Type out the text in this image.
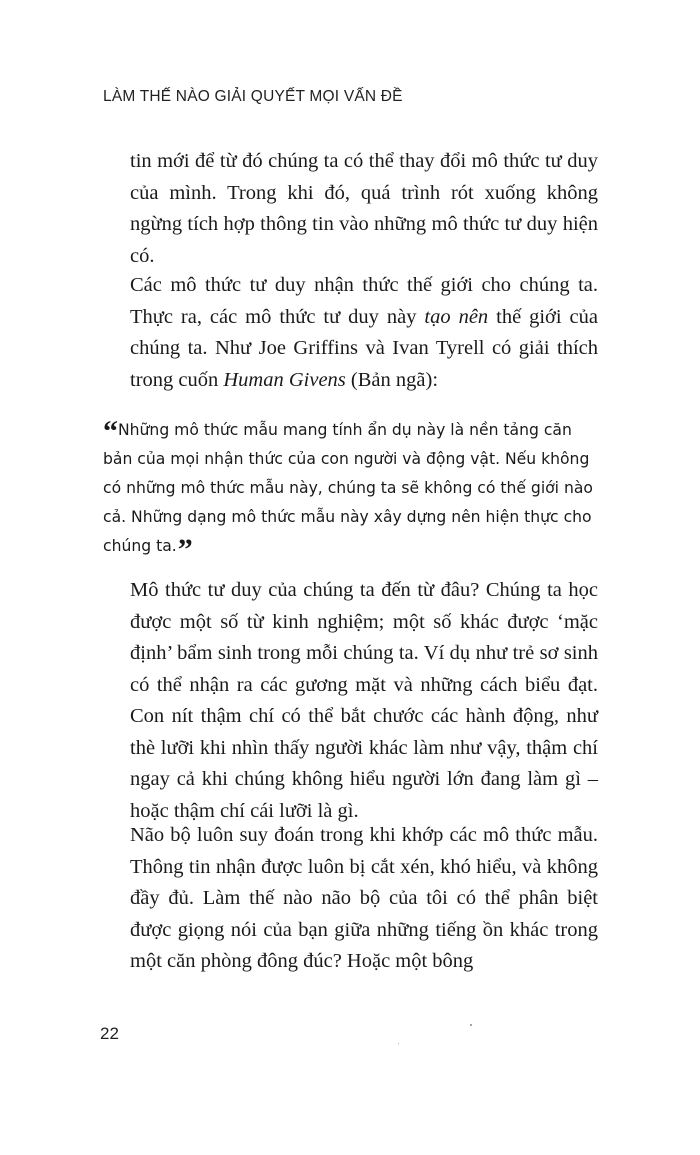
LÀM THẾ NÀO GIẢI QUYẾT MỌI VẤN ĐỀ

tin mới để từ đó chúng ta có thể thay đổi mô thức tư duy của mình. Trong khi đó, quá trình rót xuống không ngừng tích hợp thông tin vào những mô thức tư duy hiện có.

Các mô thức tư duy nhận thức thế giới cho chúng ta. Thực ra, các mô thức tư duy này tạo nên thế giới của chúng ta. Như Joe Griffins và Ivan Tyrell có giải thích trong cuốn Human Givens (Bản ngã):

“Những mô thức mẫu mang tính ẩn dụ này là nền tảng căn bản của mọi nhận thức của con người và động vật. Nếu không có những mô thức mẫu này, chúng ta sẽ không có thế giới nào cả. Những dạng mô thức mẫu này xây dựng nên hiện thực cho chúng ta.”

Mô thức tư duy của chúng ta đến từ đâu? Chúng ta học được một số từ kinh nghiệm; một số khác được ‘mặc định’ bẩm sinh trong mỗi chúng ta. Ví dụ như trẻ sơ sinh có thể nhận ra các gương mặt và những cách biểu đạt. Con nít thậm chí có thể bắt chước các hành động, như thè lưỡi khi nhìn thấy người khác làm như vậy, thậm chí ngay cả khi chúng không hiểu người lớn đang làm gì – hoặc thậm chí cái lưỡi là gì.

Não bộ luôn suy đoán trong khi khớp các mô thức mẫu. Thông tin nhận được luôn bị cắt xén, khó hiểu, và không đầy đủ. Làm thế nào não bộ của tôi có thể phân biệt được giọng nói của bạn giữa những tiếng ồn khác trong một căn phòng đông đúc? Hoặc một bông

22
